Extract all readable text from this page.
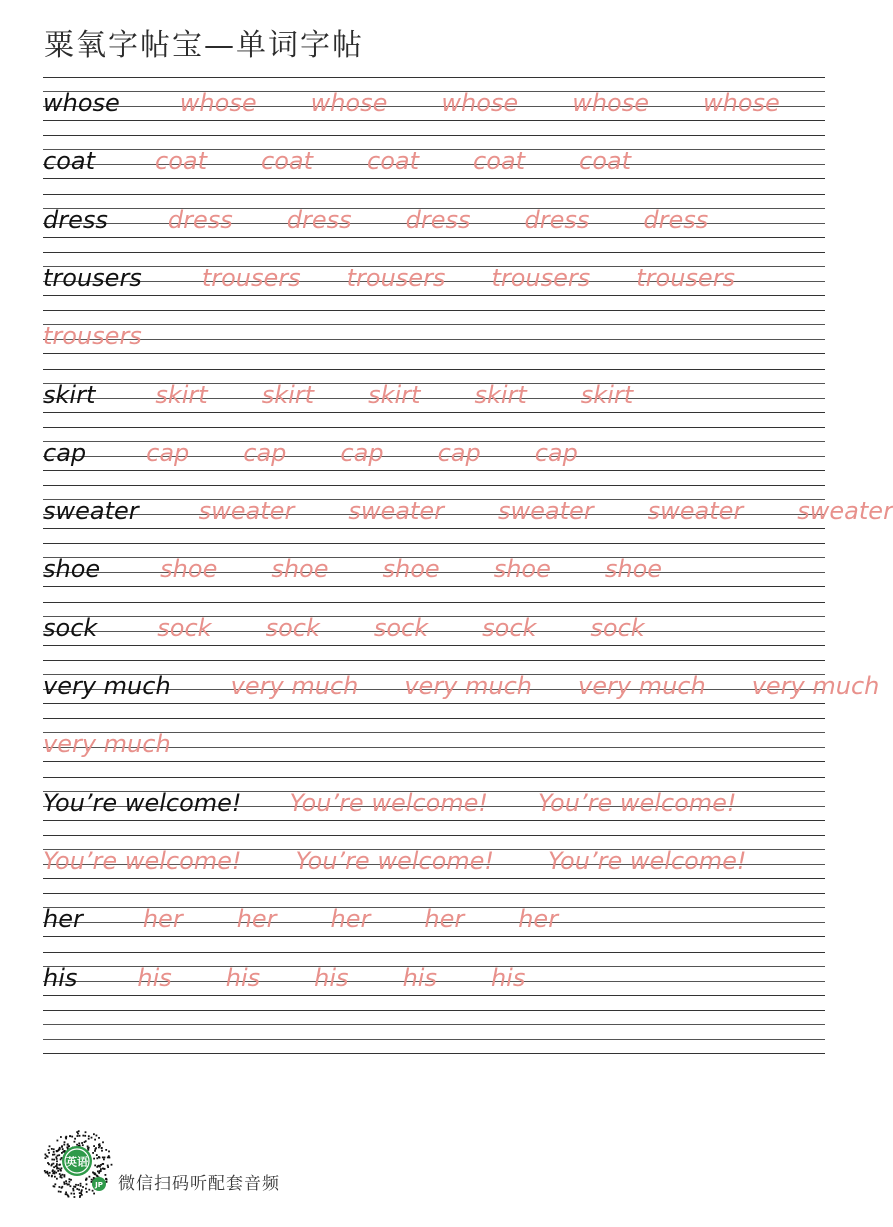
粟氧字帖宝—单词字帖
whose	whose whose whose whose whose
coat	coat coat coat coat coat
dress	dress dress dress dress dress
trousers	trousers trousers trousers trousers
trousers
skirt	skirt skirt skirt skirt skirt
cap	cap cap cap cap cap
sweater	sweater sweater sweater sweater sweater
shoe	shoe shoe shoe shoe shoe
sock	sock sock sock sock sock
very much	very much very much very much very much
very much
You’re welcome! You’re welcome! You’re welcome!
You’re welcome! You’re welcome! You’re welcome!
her	her her her her her
his	his his his his his
英语
JP 微信扫码听配套音频
